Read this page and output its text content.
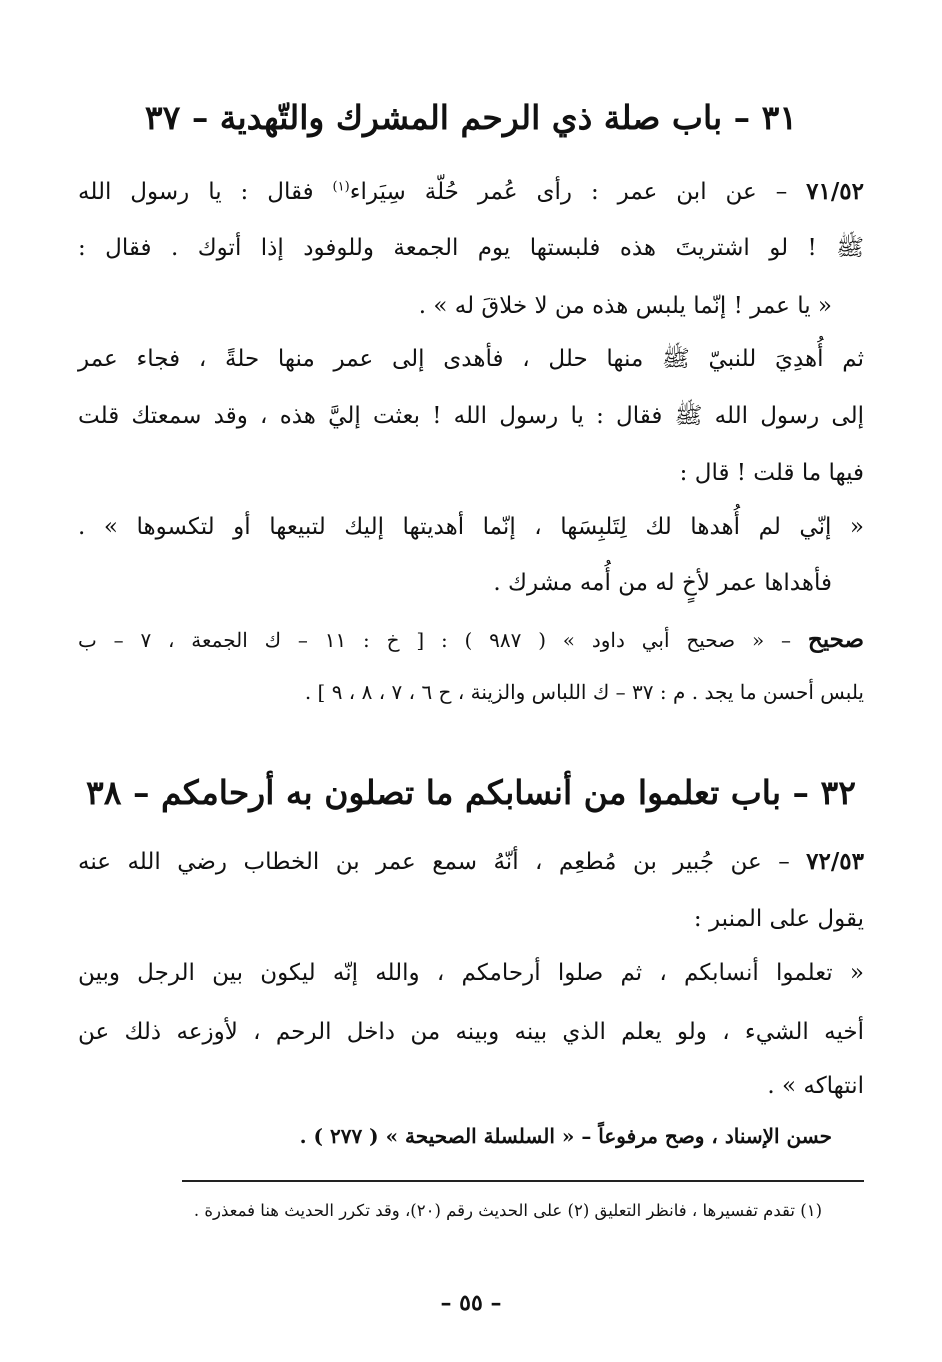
٣١ – باب صلة ذي الرحم المشرك والتّهدية – ٣٧

٧١/٥٢ – عن ابن عمر : رأى عُمر حُلّة سِيَراء$^{(١)}$ فقال : يا رسول الله

ﷺ ! لو اشتريتَ هذه فلبستها يوم الجمعة وللوفود إذا أتوك . فقال :

« يا عمر ! إنّما يلبس هذه من لا خلاقَ له » .

ثم أُهدِيَ للنبيّ ﷺ منها حلل ، فأهدى إلى عمر منها حلةً ، فجاء عمر

إلى رسول الله ﷺ فقال : يا رسول الله ! بعثت إليَّ هذه ، وقد سمعتك قلت

فيها ما قلت ! قال :

« إنّي لم أُهدها لك لِتَلبِسَها ، إنّما أهديتها إليك لتبيعها أو لتكسوها » .

فأهداها عمر لأخٍ له من أُمه مشرك .

صحيح – « صحيح أبي داود » ( ٩٨٧ ) : [ خ : ١١ – ك الجمعة ، ٧ – ب

يلبس أحسن ما يجد . م : ٣٧ – ك اللباس والزينة ، ح ٦ ، ٧ ، ٨ ، ٩ ] .

٣٢ – باب تعلموا من أنسابكم ما تصلون به أرحامكم – ٣٨

٧٢/٥٣ – عن جُبير بن مُطعِم ، أنّهُ سمع عمر بن الخطاب رضي الله عنه

يقول على المنبر :

« تعلموا أنسابكم ، ثم صلوا أرحامكم ، والله إنّه ليكون بين الرجل وبين

أخيه الشيء ، ولو يعلم الذي بينه وبينه من داخل الرحم ، لأوزعه ذلك عن

انتهاكه » .

حسن الإسناد ، وصح مرفوعاً – « السلسلة الصحيحة » ( ٢٧٧ ) .

(١) تقدم تفسيرها ، فانظر التعليق (٢) على الحديث رقم (٢٠)، وقد تكرر الحديث هنا فمعذرة .

– ٥٥ –
